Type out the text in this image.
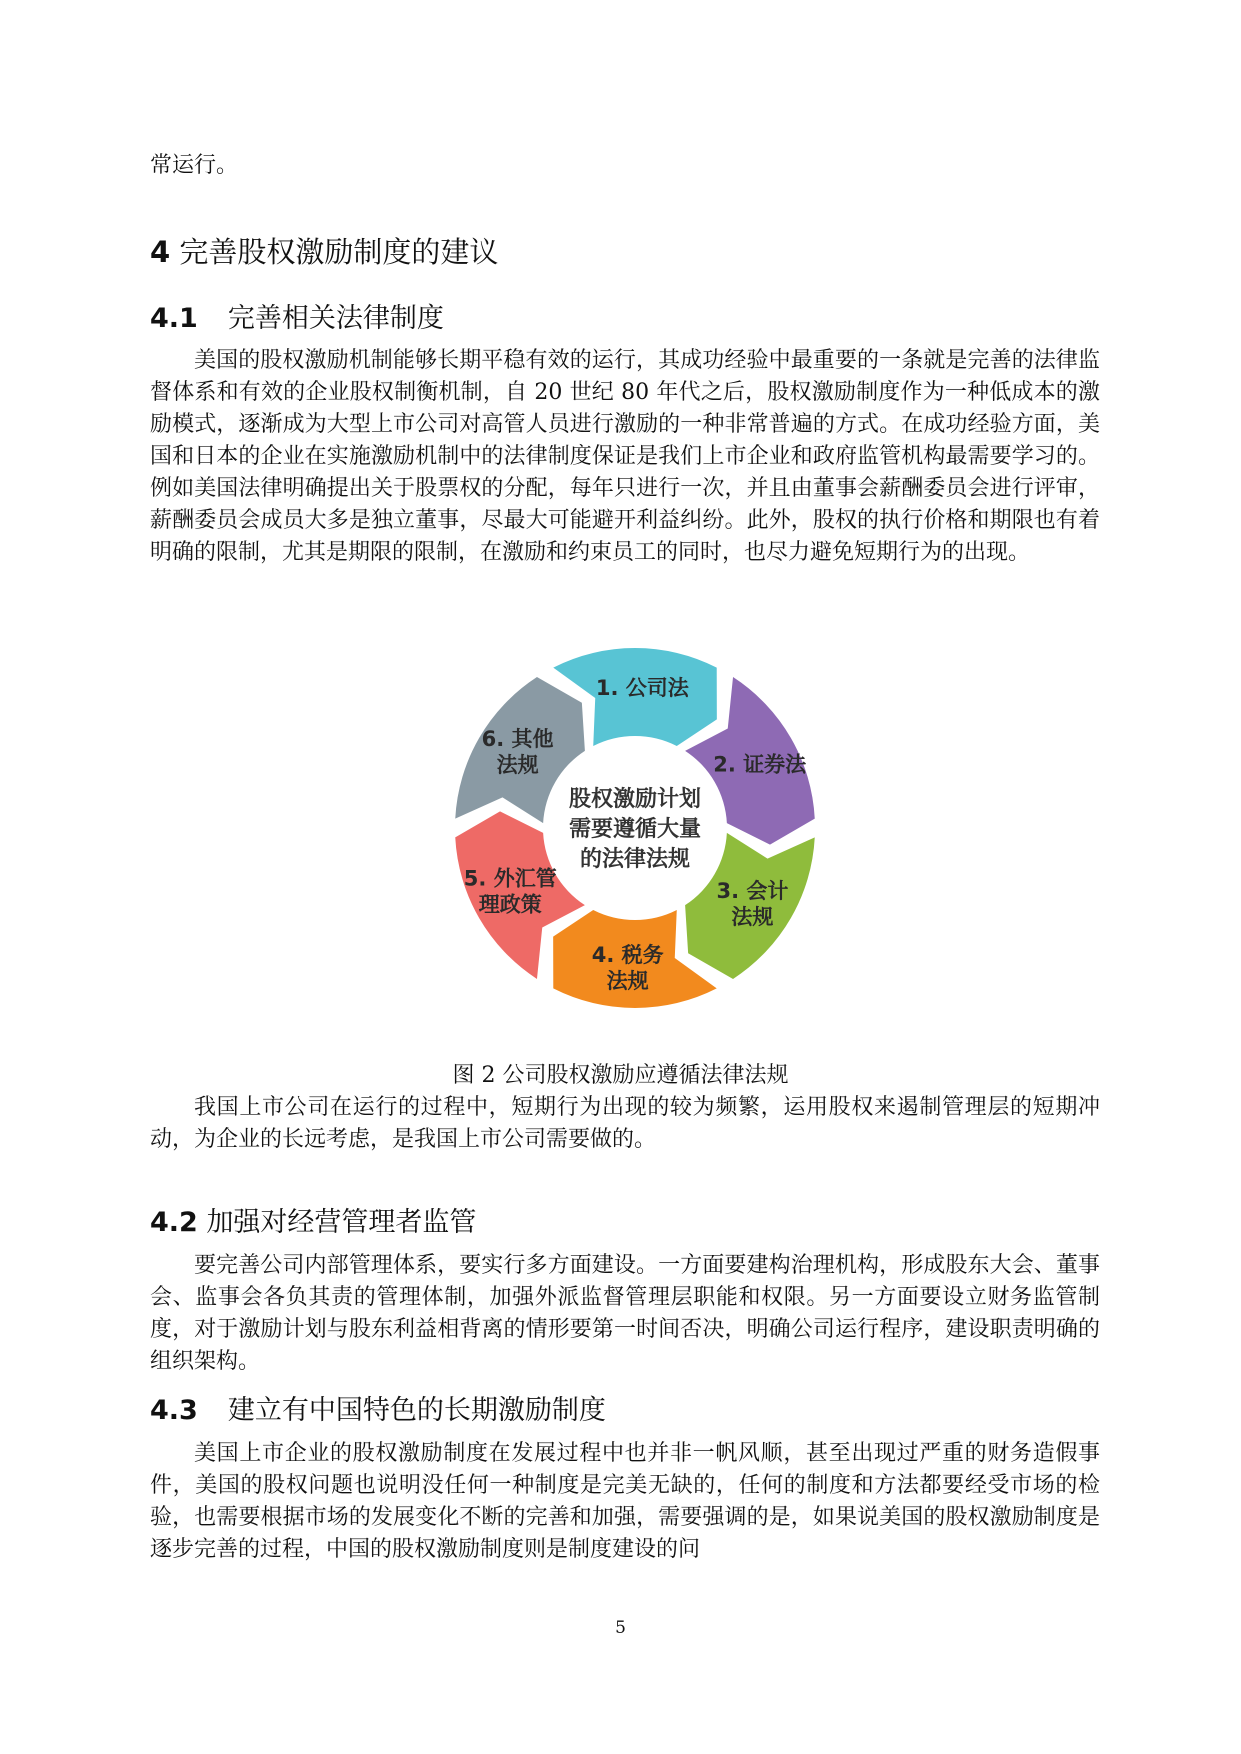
常运行。

4 完善股权激励制度的建议
4.1 完善相关法律制度

美国的股权激励机制能够长期平稳有效的运行，其成功经验中最重要的一条就是完善的法律监督体系和有效的企业股权制衡机制，自 20 世纪 80 年代之后，股权激励制度作为一种低成本的激励模式，逐渐成为大型上市公司对高管人员进行激励的一种非常普遍的方式。在成功经验方面，美国和日本的企业在实施激励机制中的法律制度保证是我们上市企业和政府监管机构最需要学习的。例如美国法律明确提出关于股票权的分配，每年只进行一次，并且由董事会薪酬委员会进行评审，薪酬委员会成员大多是独立董事，尽最大可能避开利益纠纷。此外，股权的执行价格和期限也有着明确的限制，尤其是期限的限制，在激励和约束员工的同时，也尽力避免短期行为的出现。

1. 公司法
2. 证券法
3. 会计法规
4. 税务法规
5. 外汇管理政策
6. 其他法规
股权激励计划需要遵循大量的法律法规
图 2 公司股权激励应遵循法律法规

我国上市公司在运行的过程中，短期行为出现的较为频繁，运用股权来遏制管理层的短期冲动，为企业的长远考虑，是我国上市公司需要做的。

4.2 加强对经营管理者监管

要完善公司内部管理体系，要实行多方面建设。一方面要建构治理机构，形成股东大会、董事会、监事会各负其责的管理体制，加强外派监督管理层职能和权限。另一方面要设立财务监管制度，对于激励计划与股东利益相背离的情形要第一时间否决，明确公司运行程序，建设职责明确的组织架构。

4.3 建立有中国特色的长期激励制度

美国上市企业的股权激励制度在发展过程中也并非一帆风顺，甚至出现过严重的财务造假事件，美国的股权问题也说明没任何一种制度是完美无缺的，任何的制度和方法都要经受市场的检验，也需要根据市场的发展变化不断的完善和加强，需要强调的是，如果说美国的股权激励制度是逐步完善的过程，中国的股权激励制度则是制度建设的问

5
